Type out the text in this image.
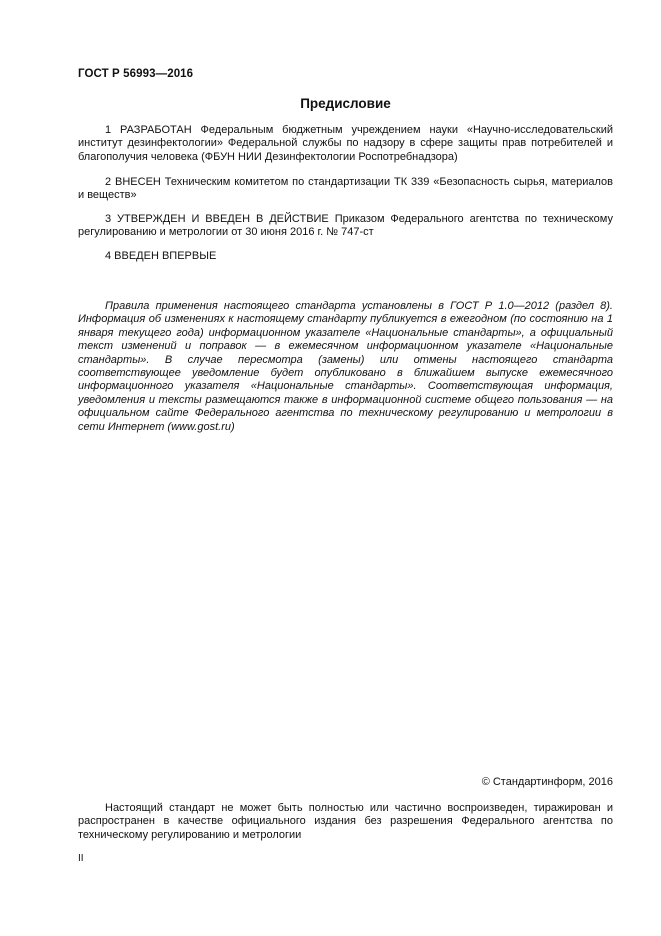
ГОСТ Р 56993—2016
Предисловие
1 РАЗРАБОТАН Федеральным бюджетным учреждением науки «Научно-исследовательский институт дезинфектологии» Федеральной службы по надзору в сфере защиты прав потребителей и благополучия человека (ФБУН НИИ Дезинфектологии Роспотребнадзора)
2 ВНЕСЕН Техническим комитетом по стандартизации ТК 339 «Безопасность сырья, материалов и веществ»
3 УТВЕРЖДЕН И ВВЕДЕН В ДЕЙСТВИЕ Приказом Федерального агентства по техническому регулированию и метрологии от 30 июня 2016 г. № 747-ст
4 ВВЕДЕН ВПЕРВЫЕ
Правила применения настоящего стандарта установлены в ГОСТ Р 1.0—2012 (раздел 8). Информация об изменениях к настоящему стандарту публикуется в ежегодном (по состоянию на 1 января текущего года) информационном указателе «Национальные стандарты», а официальный текст изменений и поправок — в ежемесячном информационном указателе «Национальные стандарты». В случае пересмотра (замены) или отмены настоящего стандарта соответствующее уведомление будет опубликовано в ближайшем выпуске ежемесячного информационного указателя «Национальные стандарты». Соответствующая информация, уведомления и тексты размещаются также в информационной системе общего пользования — на официальном сайте Федерального агентства по техническому регулированию и метрологии в сети Интернет (www.gost.ru)
© Стандартинформ, 2016
Настоящий стандарт не может быть полностью или частично воспроизведен, тиражирован и распространен в качестве официального издания без разрешения Федерального агентства по техническому регулированию и метрологии
II
